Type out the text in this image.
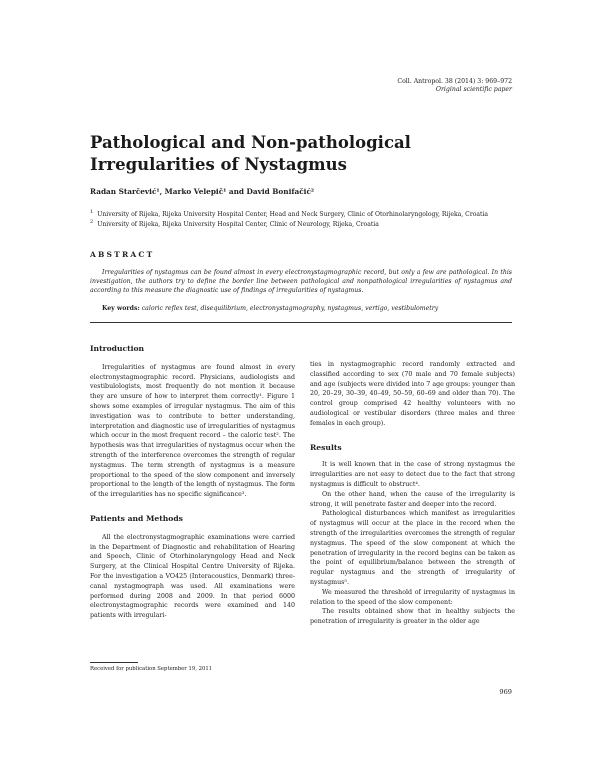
Coll. Antropol. 38 (2014) 3: 969–972
Original scientific paper
Pathological and Non-pathological Irregularities of Nystagmus
Radan Starčević¹, Marko Velepič¹ and David Bonifačić²
$^1$ University of Rijeka, Rijeka University Hospital Center, Head and Neck Surgery, Clinic of Otorhinolaryngology, Rijeka, Croatia
$^2$ University of Rijeka, Rijeka University Hospital Center, Clinic of Neurology, Rijeka, Croatia
ABSTRACT
Irregularities of nystagmus can be found almost in every electronystagmographic record, but only a few are pathological. In this investigation, the authors try to define the border line between pathological and nonpathological irregularities of nystagmus and according to this measure the diagnostic use of findings of irregularities of nystagmus.
Key words: caloric reflex test, disequilibrium, electronystagmography, nystagmus, vertigo, vestibulometry
Introduction

Irregularities of nystagmus are found almost in every electronystagmographic record. Physicians, audiologists and vestibulologists, most frequently do not mention it because they are unsure of how to interpret them correctly¹. Figure 1 shows some examples of irregular nystagmus. The aim of this investigation was to contribute to better understanding, interpretation and diagnostic use of irregularities of nystagmus which occur in the most frequent record – the caloric test². The hypothesis was that irregularities of nystagmus occur when the strength of the interference overcomes the strength of regular nystagmus. The term strength of nystagmus is a measure proportional to the speed of the slow component and inversely proportional to the length of the length of nystagmus. The form of the irregularities has no specific significance³.

Patients and Methods

All the electronystagmographic examinations were carried in the Department of Diagnostic and rehabilitation of Hearing and Speech, Clinic of Otorhinolaryngology Head and Neck Surgery, at the Clinical Hospital Centre University of Rijeka. For the investigation a VO425 (Interacoustics, Denmark) three-canal nystagmograph was used. All examinations were performed during 2008 and 2009. In that period 6000 electronystagmographic records were examined and 140 patients with irregulari-

ties in nystagmographic record randomly extracted and classified according to sex (70 male and 70 female subjects) and age (subjects were divided into 7 age groups: younger than 20, 20–29, 30–39, 40–49, 50–59, 60–69 and older than 70). The control group comprised 42 healthy volunteers with no audiological or vestibular disorders (three males and three females in each group).

Results

It is well known that in the case of strong nystagmus the irregularities are not easy to detect due to the fact that strong nystagmus is difficult to obstruct⁴.

On the other hand, when the cause of the irregularity is strong, it will penetrate faster and deeper into the record.

Pathological disturbances which manifest as irregularities of nystagmus will occur at the place in the record when the strength of the irregularities overcomes the strength of regular nystagmus. The speed of the slow component at which the penetration of irregularity in the record begins can be taken as the point of equilibrium/balance between the strength of regular nystagmus and the strength of irregularity of nystagmus⁵.

We measured the threshold of irregularity of nystagmus in relation to the speed of the slow component:

The results obtained show that in healthy subjects the penetration of irregularity is greater in the older age

Received for publication September 19, 2011
969
